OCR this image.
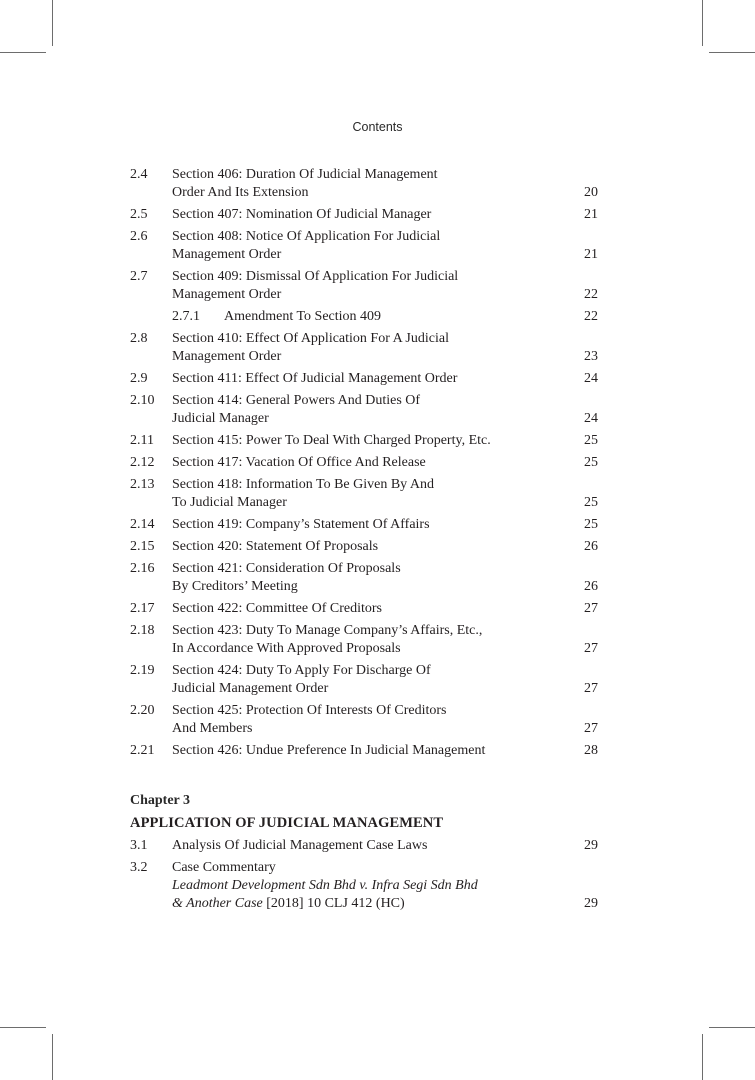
Contents
2.4 Section 406: Duration Of Judicial Management
Order And Its Extension	20
2.5 Section 407: Nomination Of Judicial Manager	21
2.6 Section 408: Notice Of Application For Judicial
Management Order	21
2.7 Section 409: Dismissal Of Application For Judicial
Management Order	22
2.7.1 Amendment To Section 409	22
2.8 Section 410: Effect Of Application For A Judicial
Management Order	23
2.9 Section 411: Effect Of Judicial Management Order	24
2.10 Section 414: General Powers And Duties Of
Judicial Manager	24
2.11 Section 415: Power To Deal With Charged Property, Etc.	25
2.12 Section 417: Vacation Of Office And Release	25
2.13 Section 418: Information To Be Given By And
To Judicial Manager	25
2.14 Section 419: Company’s Statement Of Affairs	25
2.15 Section 420: Statement Of Proposals	26
2.16 Section 421: Consideration Of Proposals
By Creditors’ Meeting	26
2.17 Section 422: Committee Of Creditors	27
2.18 Section 423: Duty To Manage Company’s Affairs, Etc.,
In Accordance With Approved Proposals	27
2.19 Section 424: Duty To Apply For Discharge Of
Judicial Management Order	27
2.20 Section 425: Protection Of Interests Of Creditors
And Members	27
2.21 Section 426: Undue Preference In Judicial Management	28
Chapter 3
APPLICATION OF JUDICIAL MANAGEMENT
3.1 Analysis Of Judicial Management Case Laws	29
3.2 Case Commentary
Leadmont Development Sdn Bhd v. Infra Segi Sdn Bhd
& Another Case [2018] 10 CLJ 412 (HC)	29
